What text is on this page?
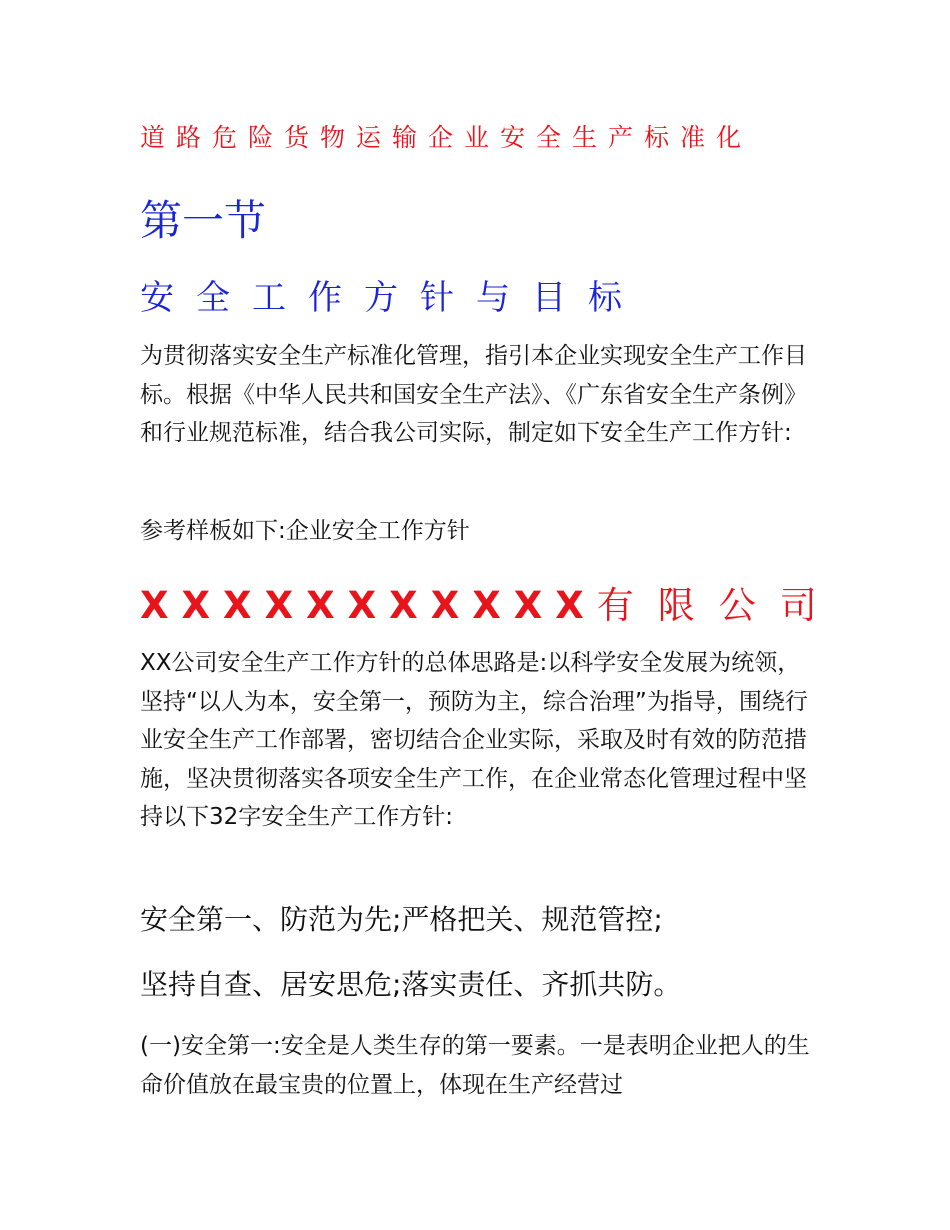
道路危险货物运输企业安全生产标准化
第一节
安全工作方针与目标
为贯彻落实安全生产标准化管理，指引本企业实现安全生产工作目标。根据《中华人民共和国安全生产法》、《广东省安全生产条例》和行业规范标准，结合我公司实际，制定如下安全生产工作方针:
参考样板如下:企业安全工作方针
XXXXXXXXXXX有限公司
XX公司安全生产工作方针的总体思路是:以科学安全发展为统领，坚持“以人为本，安全第一，预防为主，综合治理”为指导，围绕行业安全生产工作部署，密切结合企业实际，采取及时有效的防范措施，坚决贯彻落实各项安全生产工作，在企业常态化管理过程中坚持以下32字安全生产工作方针:
安全第一、防范为先;严格把关、规范管控;
坚持自查、居安思危;落实责任、齐抓共防。
(一)安全第一:安全是人类生存的第一要素。一是表明企业把人的生命价值放在最宝贵的位置上，体现在生产经营过
